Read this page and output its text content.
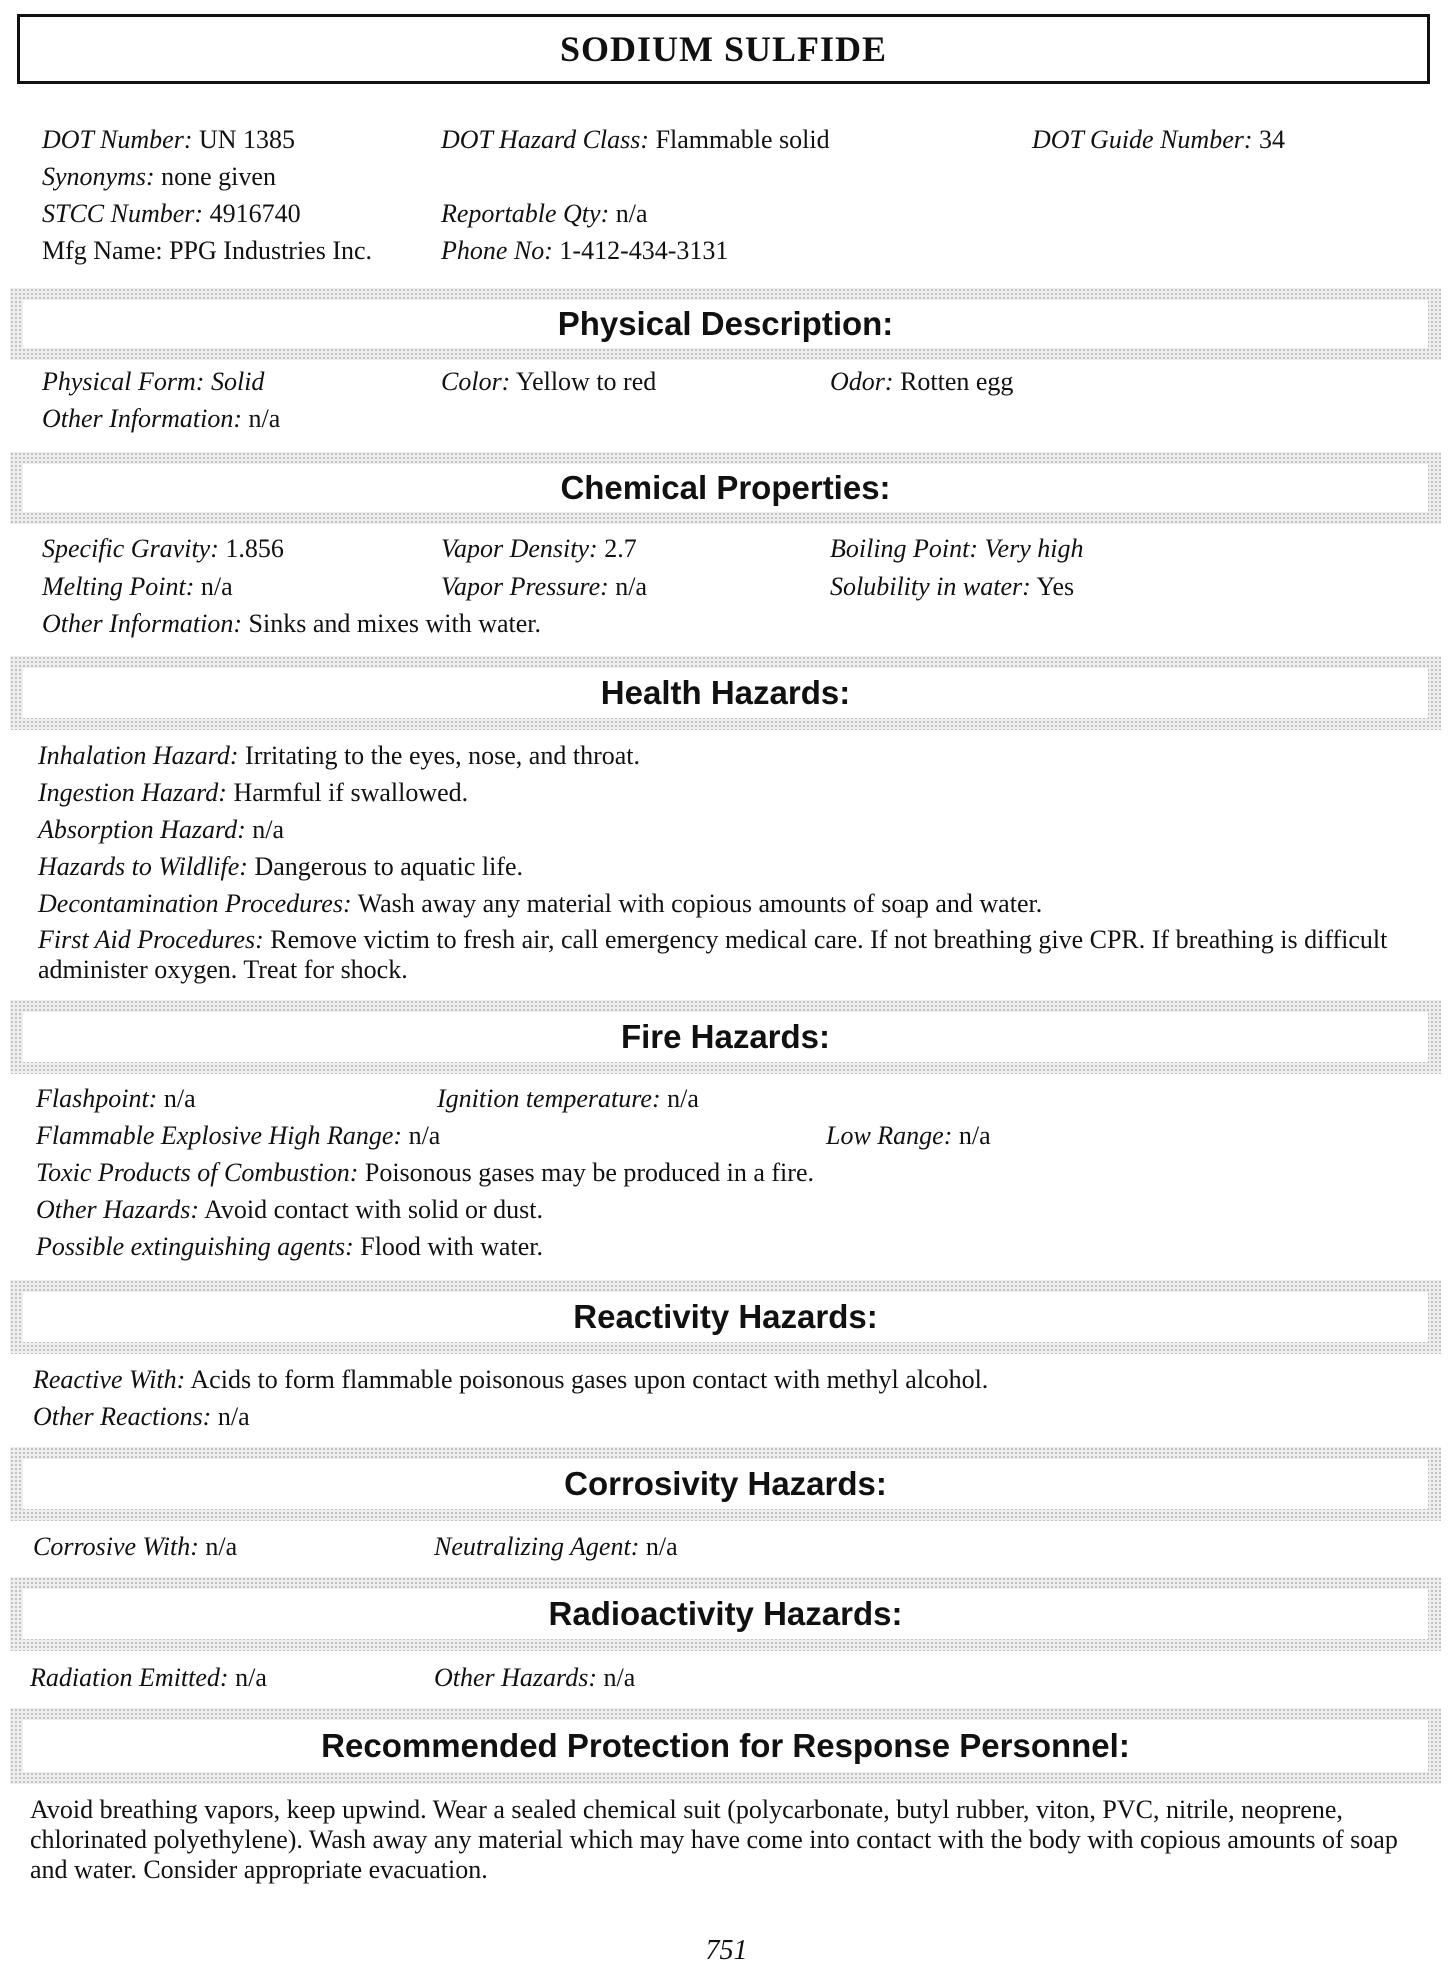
SODIUM SULFIDE
DOT Number: UN 1385	DOT Hazard Class: Flammable solid	DOT Guide Number: 34
Synonyms: none given
STCC Number: 4916740	Reportable Qty: n/a
Mfg Name: PPG Industries Inc.	Phone No: 1-412-434-3131
Physical Description:
Physical Form: Solid	Color: Yellow to red	Odor: Rotten egg
Other Information: n/a
Chemical Properties:
Specific Gravity: 1.856	Vapor Density: 2.7	Boiling Point: Very high
Melting Point: n/a	Vapor Pressure: n/a	Solubility in water: Yes
Other Information: Sinks and mixes with water.
Health Hazards:
Inhalation Hazard: Irritating to the eyes, nose, and throat.
Ingestion Hazard: Harmful if swallowed.
Absorption Hazard: n/a
Hazards to Wildlife: Dangerous to aquatic life.
Decontamination Procedures: Wash away any material with copious amounts of soap and water.
First Aid Procedures: Remove victim to fresh air, call emergency medical care. If not breathing give CPR. If breathing is difficult administer oxygen. Treat for shock.
Fire Hazards:
Flashpoint: n/a	Ignition temperature: n/a
Flammable Explosive High Range: n/a	Low Range: n/a
Toxic Products of Combustion: Poisonous gases may be produced in a fire.
Other Hazards: Avoid contact with solid or dust.
Possible extinguishing agents: Flood with water.
Reactivity Hazards:
Reactive With: Acids to form flammable poisonous gases upon contact with methyl alcohol.
Other Reactions: n/a
Corrosivity Hazards:
Corrosive With: n/a	Neutralizing Agent: n/a
Radioactivity Hazards:
Radiation Emitted: n/a	Other Hazards: n/a
Recommended Protection for Response Personnel:
Avoid breathing vapors, keep upwind. Wear a sealed chemical suit (polycarbonate, butyl rubber, viton, PVC, nitrile, neoprene, chlorinated polyethylene). Wash away any material which may have come into contact with the body with copious amounts of soap and water. Consider appropriate evacuation.
751
